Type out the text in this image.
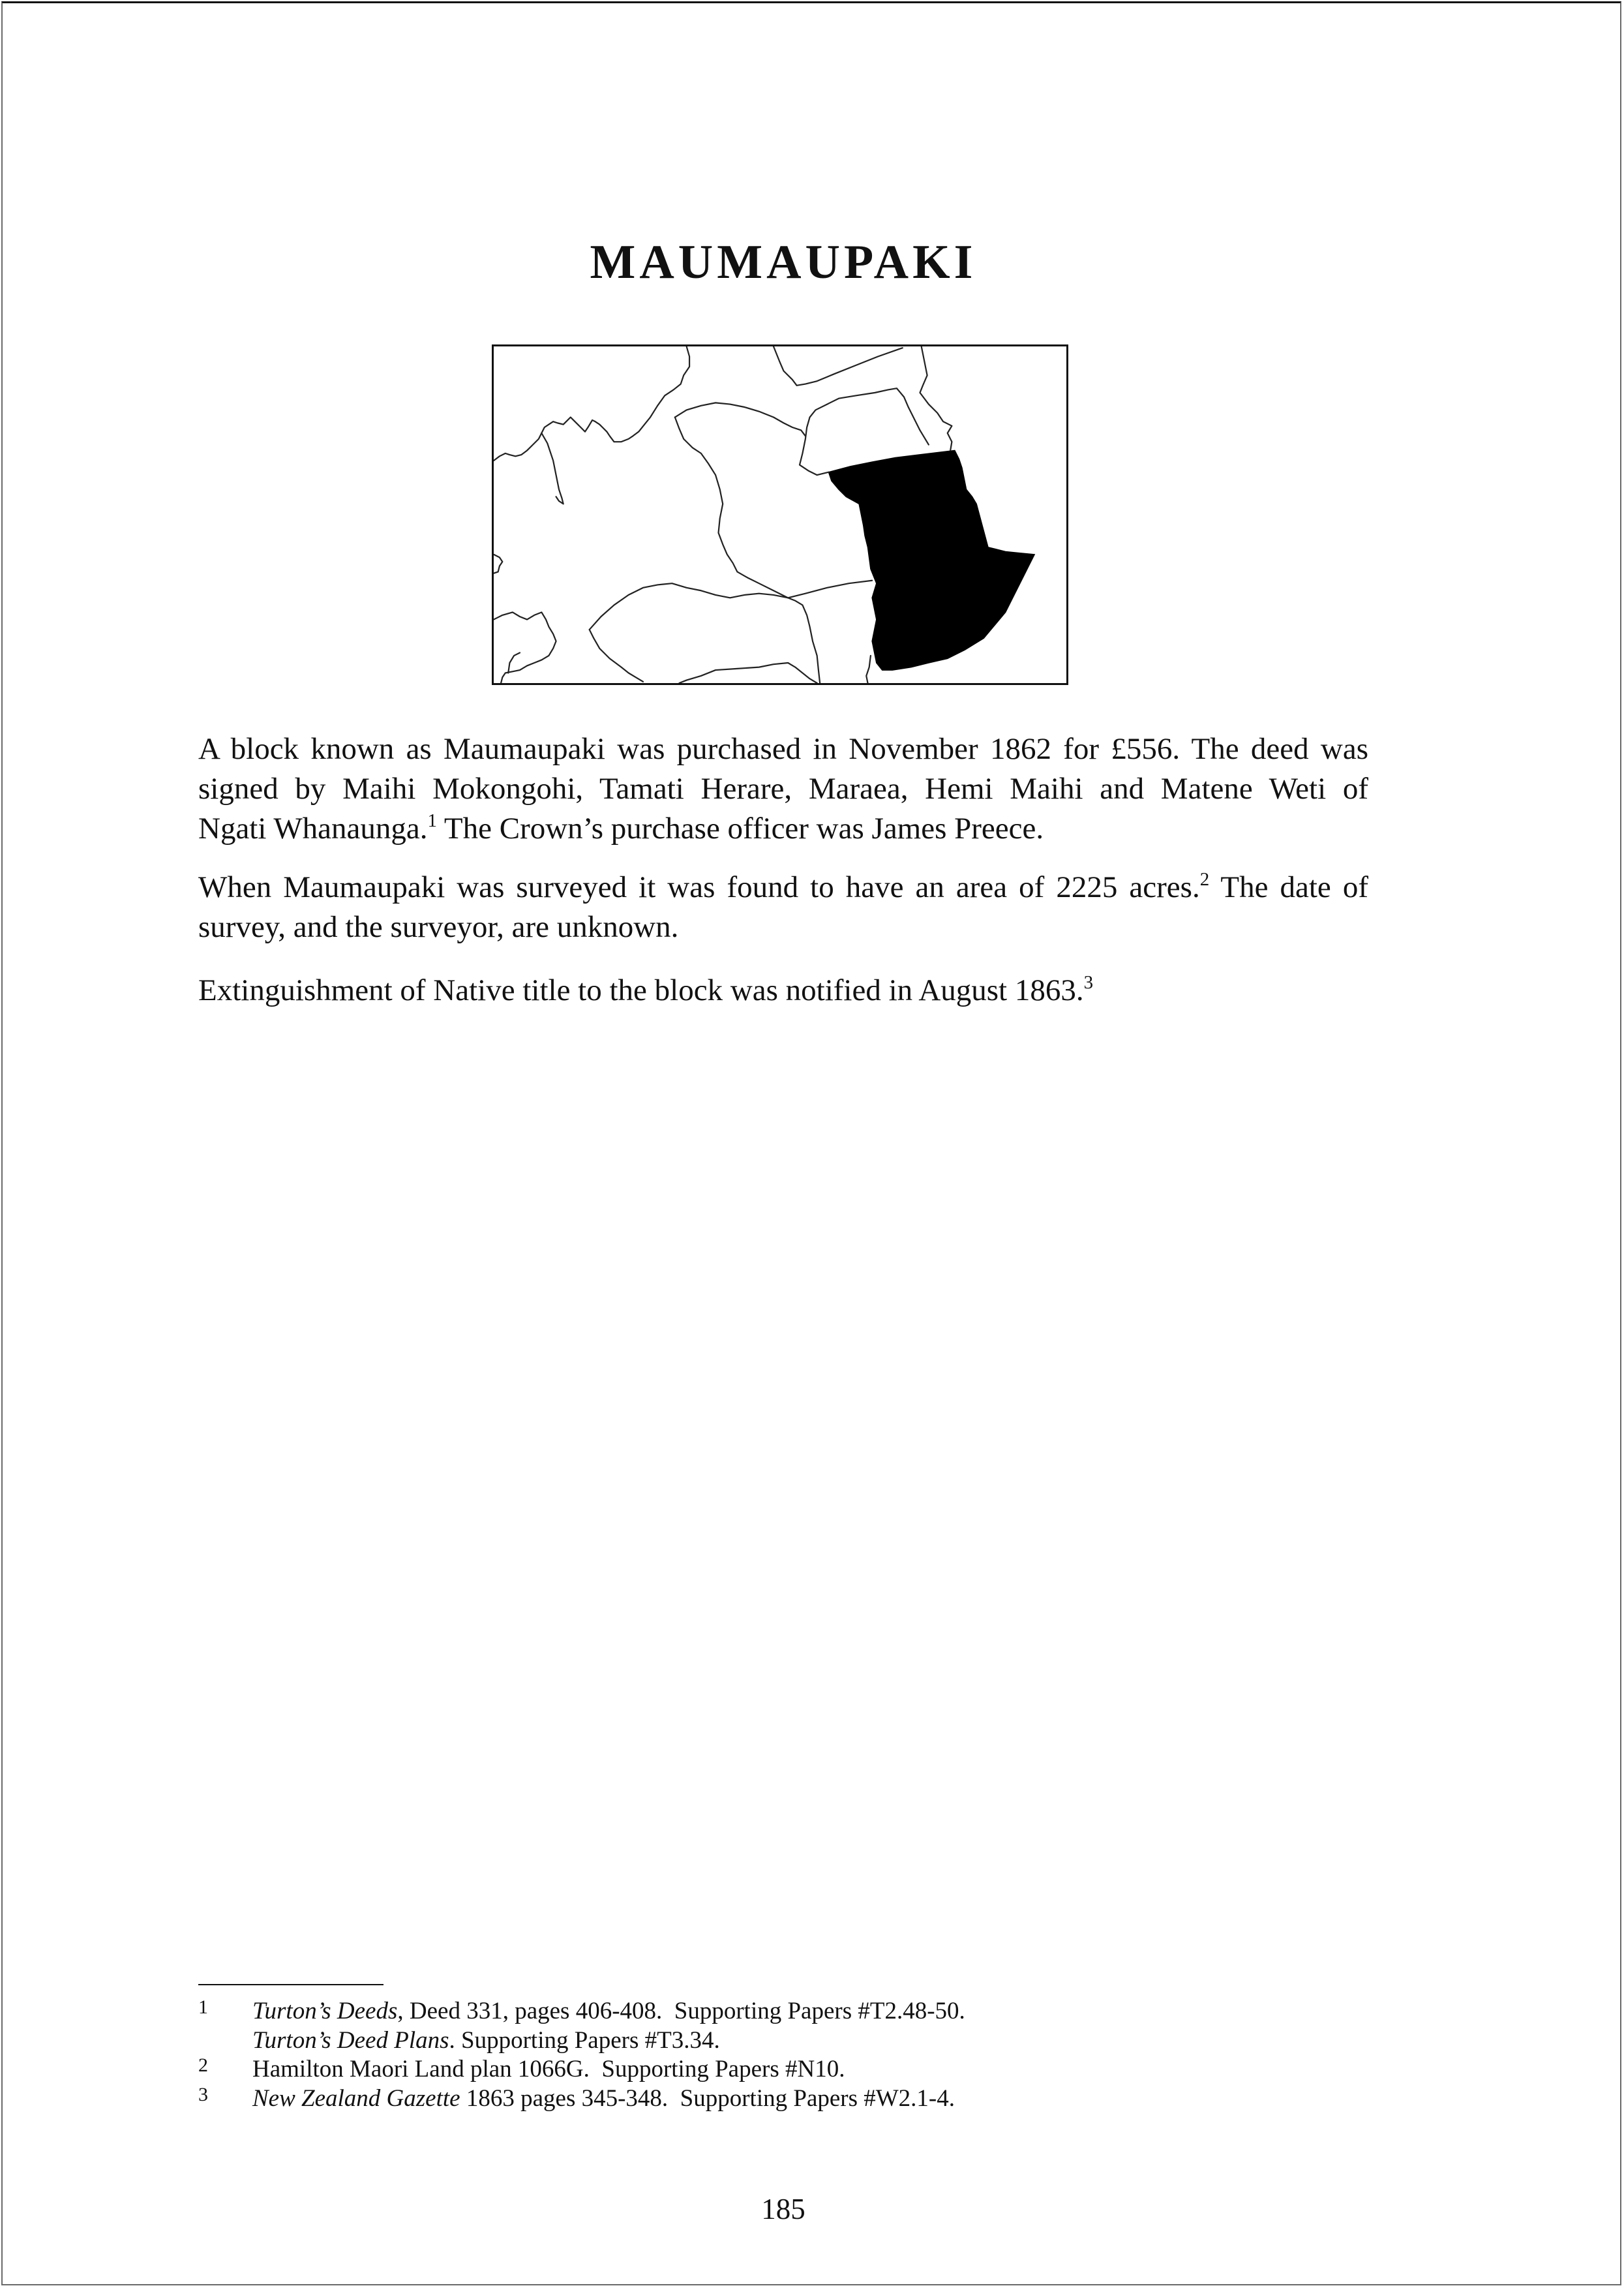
MAUMAUPAKI
A block known as Maumaupaki was purchased in November 1862 for £556. The deed was
signed by Maihi Mokongohi, Tamati Herare, Maraea, Hemi Maihi and Matene Weti of
Ngati Whanaunga.$^1$ The Crown’s purchase officer was James Preece.
When Maumaupaki was surveyed it was found to have an area of 2225 acres.$^2$ The date of
survey, and the surveyor, are unknown.
Extinguishment of Native title to the block was notified in August 1863.$^3$
1	Turton’s Deeds, Deed 331, pages 406-408.  Supporting Papers #T2.48-50.
Turton’s Deed Plans. Supporting Papers #T3.34.
2	Hamilton Maori Land plan 1066G.  Supporting Papers #N10.
3	New Zealand Gazette 1863 pages 345-348.  Supporting Papers #W2.1-4.
185
